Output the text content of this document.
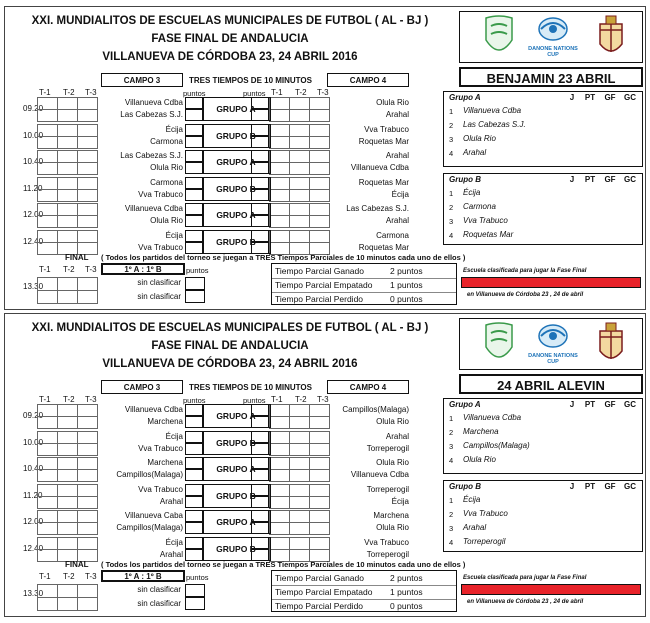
XXI. MUNDIALITOS DE ESCUELAS MUNICIPALES DE FUTBOL ( AL - BJ )
FASE FINAL DE ANDALUCIA
VILLANUEVA DE CÓRDOBA 23, 24 ABRIL 2016
CAMPO 3	TRES TIEMPOS DE 10 MINUTOS	CAMPO 4
T-1 T-2 T-3	puntos	puntos T-1 T-2 T-3
09.20
Villanueva Cdba
Las Cabezas S.J.
GRUPO A
Olula Rio
Arahal
10.00
Écija
Carmona
GRUPO B
Vva Trabuco
Roquetas Mar
10.40
Las Cabezas S.J.
Olula Rio
GRUPO A
Arahal
Villanueva Cdba
11.20
Carmona
Vva Trabuco
GRUPO B
Roquetas Mar
Écija
12.00
Villanueva Cdba
Olula Rio
GRUPO A
Las Cabezas S.J.
Arahal
12.40
Écija
Vva Trabuco
GRUPO B
Carmona
Roquetas Mar
FINAL ( Todos los partidos del torneo se juegan a TRES Tiempos Parciales de 10 minutos cada uno de ellos )
T-1 T-2 T-3	1º A : 1º B	puntos
13.30	sin clasificar
sin clasificar
Tiempo Parcial Ganado	2 puntos
Tiempo Parcial Empatado 1 puntos
Tiempo Parcial Perdido	0 puntos
DANONE NATIONS CUP
BENJAMIN 23 ABRIL
Grupo A	J	PT	GF	GC
1 Villanueva Cdba
2 Las Cabezas S.J.
3 Olula Rio
4 Arahal
Grupo B	J	PT	GF	GC
1 Écija
2 Carmona
3 Vva Trabuco
4 Roquetas Mar
Escuela clasificada para jugar la Fase Final
en Villanueva de Córdoba 23 , 24 de abril
XXI. MUNDIALITOS DE ESCUELAS MUNICIPALES DE FUTBOL ( AL - BJ )
FASE FINAL DE ANDALUCIA
VILLANUEVA DE CÓRDOBA 23, 24 ABRIL 2016
CAMPO 3	TRES TIEMPOS DE 10 MINUTOS	CAMPO 4
T-1 T-2 T-3	puntos	puntos T-1 T-2 T-3
09.20
Villanueva Cdba
Marchena
GRUPO A
Campillos(Malaga)
Olula Rio
10.00
Écija
Vva Trabuco
GRUPO B
Arahal
Torreperogil
10.40
Marchena
Campillos(Malaga)
GRUPO A
Olula Rio
Villanueva Cdba
11.20
Vva Trabuco
Arahal
GRUPO B
Torreperogil
Écija
12.00
Villanueva Caba
Campillos(Malaga)
GRUPO A
Marchena
Olula Rio
12.40
Écija
Arahal
GRUPO B
Vva Trabuco
Torreperogil
FINAL ( Todos los partidos del torneo se juegan a TRES Tiempos Parciales de 10 minutos cada uno de ellos )
T-1 T-2 T-3	1º A : 1º B	puntos
13.30	sin clasificar
sin clasificar
Tiempo Parcial Ganado	2 puntos
Tiempo Parcial Empatado 1 puntos
Tiempo Parcial Perdido	0 puntos
DANONE NATIONS CUP
24 ABRIL ALEVIN
Grupo A	J	PT	GF	GC
1 Villanueva Cdba
2 Marchena
3 Campillos(Malaga)
4 Olula Rio
Grupo B	J	PT	GF	GC
1 Écija
2 Vva Trabuco
3 Arahal
4 Torreperogil
Escuela clasificada para jugar la Fase Final
en Villanueva de Córdoba 23 , 24 de abril
